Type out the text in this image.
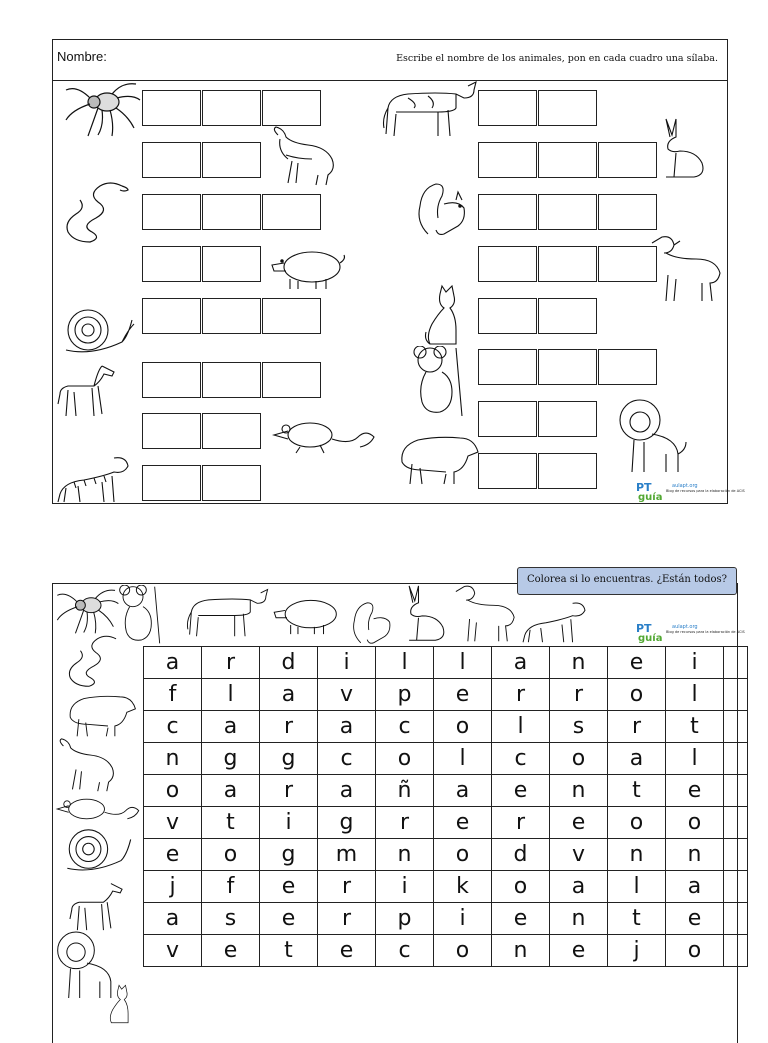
Nombre:	Escribe el nombre de los animales, pon en cada cuadro una sílaba.
PT
guía
aulapt.org
Blog de recursos para la elaboración de ACIS
Colorea si lo encuentras. ¿Están todos?
PT
guía
aulapt.org
Blog de recursos para la elaboración de ACIS
a	r	d	i	l	l	a	n	e	i	
f	l	a	v	p	e	r	r	o	l	
c	a	r	a	c	o	l	s	r	t	
n	g	g	c	o	l	c	o	a	l	
o	a	r	a	ñ	a	e	n	t	e	
v	t	i	g	r	e	r	e	o	o	
e	o	g	m	n	o	d	v	n	n	
j	f	e	r	i	k	o	a	l	a	
a	s	e	r	p	i	e	n	t	e	
v	e	t	e	c	o	n	e	j	o	
